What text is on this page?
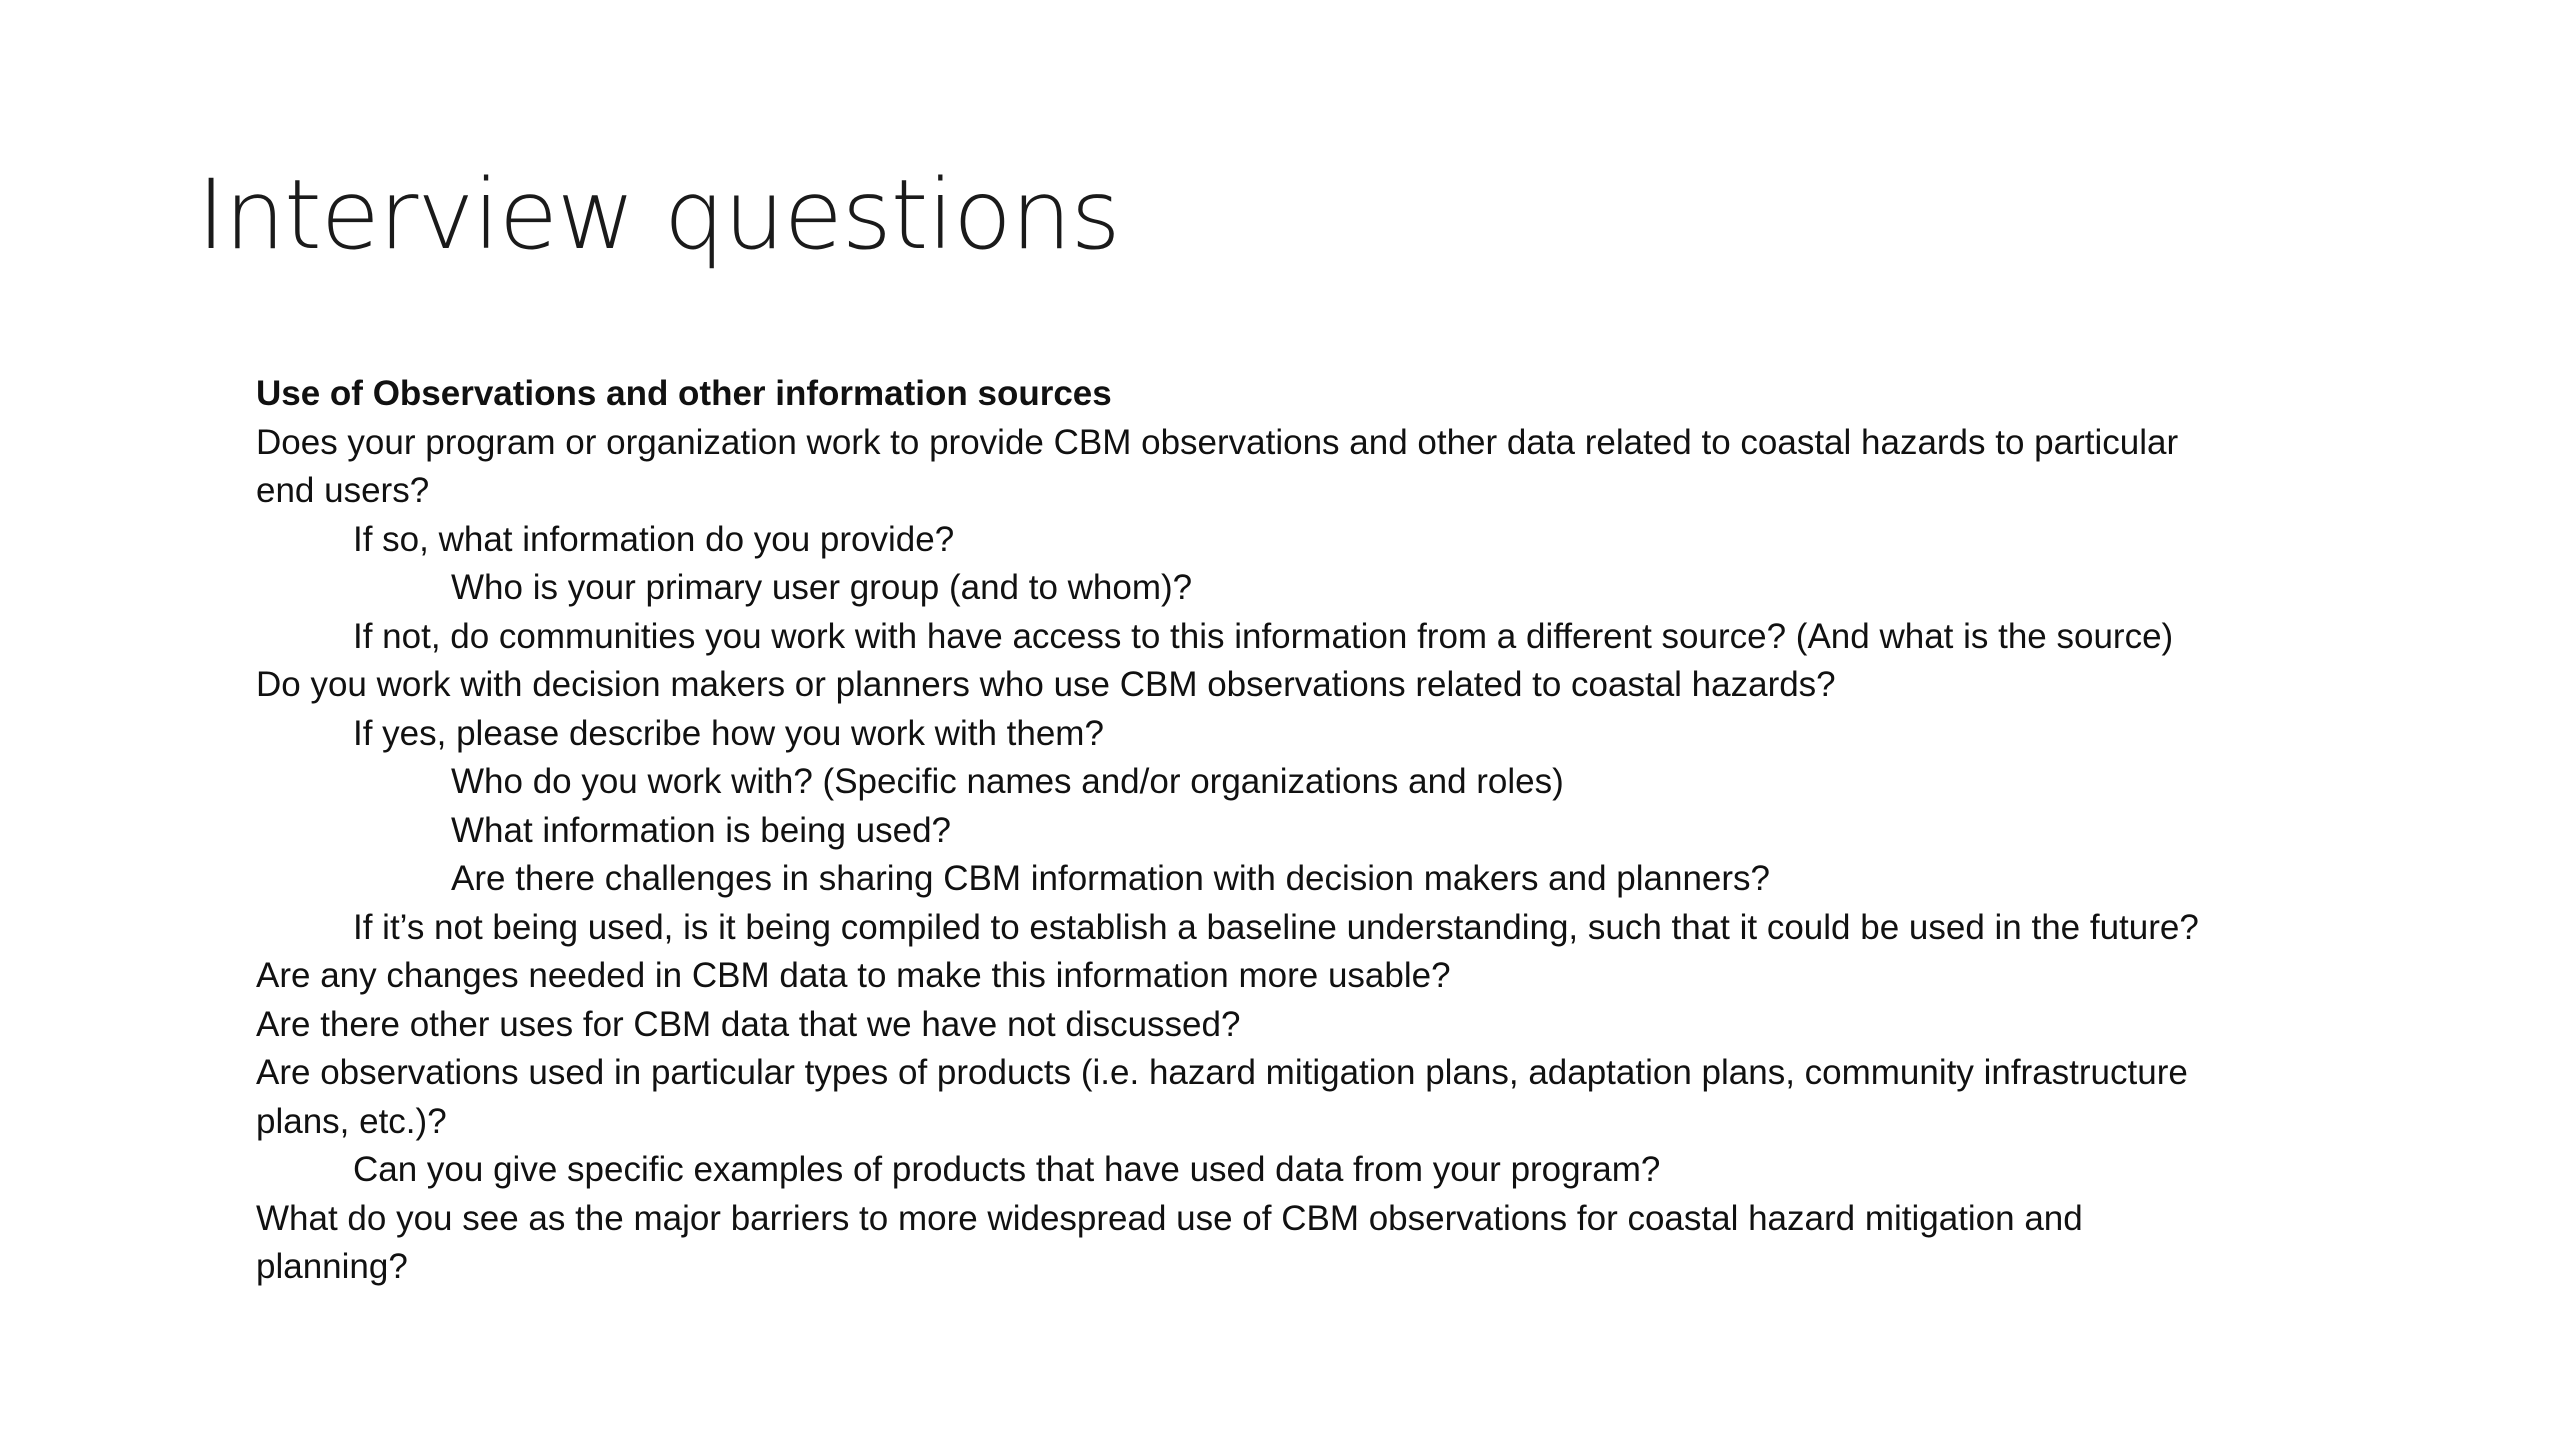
Interview questions

Use of Observations and other information sources

Does your program or organization work to provide CBM observations and other data related to coastal hazards to particular end users?

If so, what information do you provide?

Who is your primary user group (and to whom)?

If not, do communities you work with have access to this information from a different source? (And what is the source)

Do you work with decision makers or planners who use CBM observations related to coastal hazards?

If yes, please describe how you work with them?

Who do you work with? (Specific names and/or organizations and roles)

What information is being used?

Are there challenges in sharing CBM information with decision makers and planners?

If it’s not being used, is it being compiled to establish a baseline understanding, such that it could be used in the future?

Are any changes needed in CBM data to make this information more usable?

Are there other uses for CBM data that we have not discussed?

Are observations used in particular types of products (i.e. hazard mitigation plans, adaptation plans, community infrastructure plans, etc.)?

Can you give specific examples of products that have used data from your program?

What do you see as the major barriers to more widespread use of CBM observations for coastal hazard mitigation and planning?
